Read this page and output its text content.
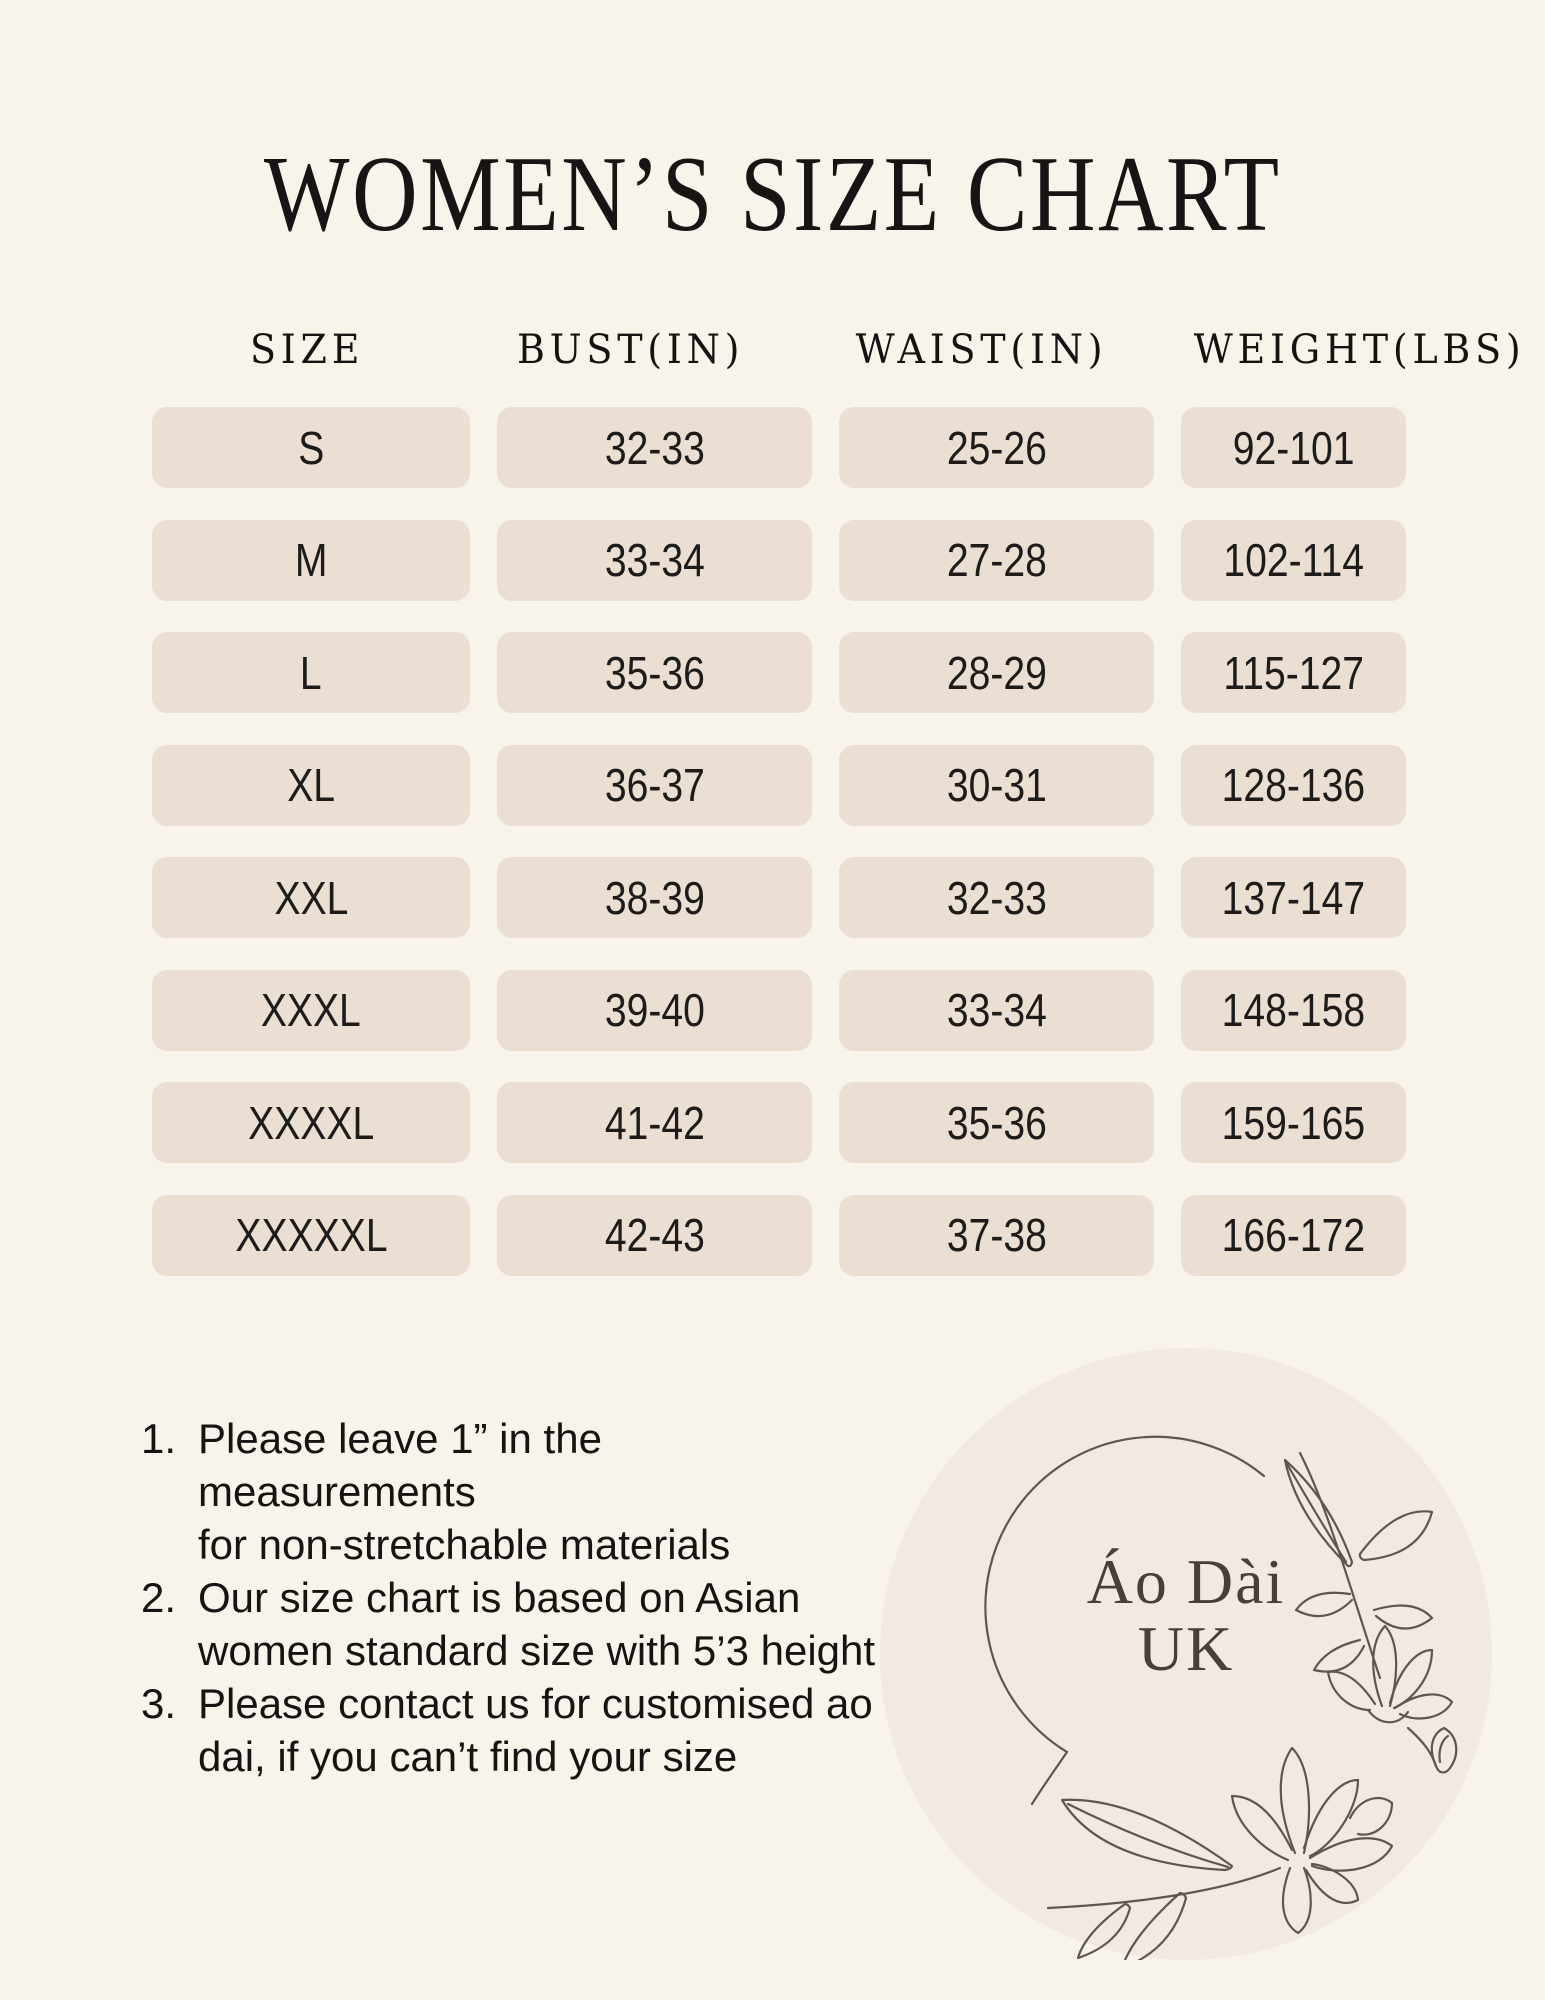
WOMEN’S SIZE CHART
SIZE	BUST(IN)	WAIST(IN)	WEIGHT(LBS)
S	32-33	25-26	92-101
M	33-34	27-28	102-114
L	35-36	28-29	115-127
XL	36-37	30-31	128-136
XXL	38-39	32-33	137-147
XXXL	39-40	33-34	148-158
XXXXL	41-42	35-36	159-165
XXXXXL	42-43	37-38	166-172
1. Please leave 1” in the measurements
for non-stretchable materials
2. Our size chart is based on Asian
women standard size with 5’3 height
3. Please contact us for customised ao
dai, if you can’t find your size
Áo Dài
UK
